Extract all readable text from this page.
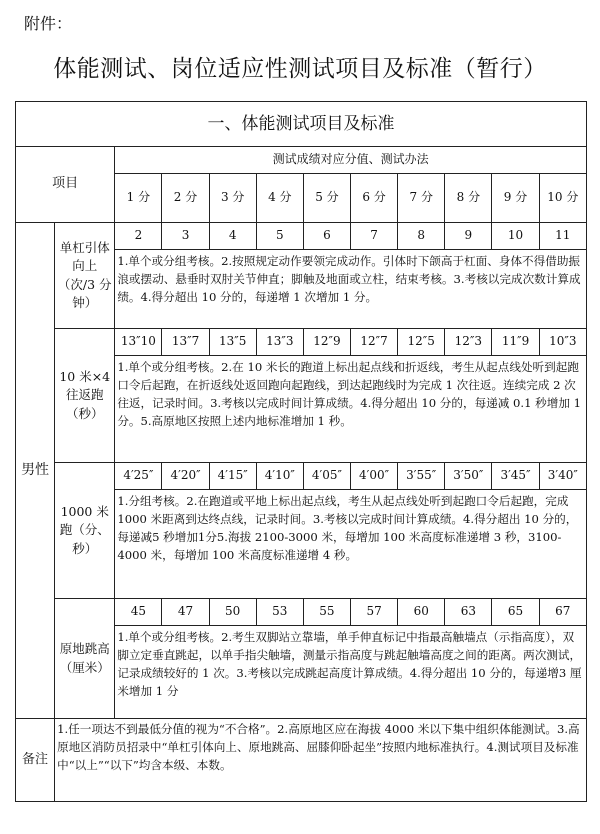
附件：
体能测试、岗位适应性测试项目及标准（暂行）
一、体能测试项目及标准											
项目		测试成绩对应分值、测试办法									
		1 分	2 分	3 分	4 分	5 分	6 分	7 分	8 分	9 分	10 分
男性	单杠引体向上（次/3 分钟）	2	3	4	5	6	7	8	9	10	11
		1.单个或分组考核。2.按照规定动作要领完成动作。引体时下颌高于杠面、身体不得借助振浪或摆动、悬垂时双肘关节伸直；脚触及地面或立柱，结束考核。3.考核以完成次数计算成绩。4.得分超出 10 分的，每递增 1 次增加 1 分。									
	10 米×4 往返跑（秒）	13″10	13″7	13″5	13″3	12″9	12″7	12″5	12″3	11″9	10″3
		1.单个或分组考核。2.在 10 米长的跑道上标出起点线和折返线，考生从起点线处听到起跑口令后起跑，在折返线处返回跑向起跑线，到达起跑线时为完成 1 次往返。连续完成 2 次往返，记录时间。3.考核以完成时间计算成绩。4.得分超出 10 分的，每递减 0.1 秒增加 1 分。5.高原地区按照上述内地标准增加 1 秒。									
	1000 米跑（分、秒）	4′25″	4′20″	4′15″	4′10″	4′05″	4′00″	3′55″	3′50″	3′45″	3′40″
		1.分组考核。2.在跑道或平地上标出起点线，考生从起点线处听到起跑口令后起跑，完成 1000 米距离到达终点线，记录时间。3.考核以完成时间计算成绩。4.得分超出 10 分的，每递减5 秒增加1分5.海拔 2100-3000 米，每增加 100 米高度标准递增 3 秒，3100-4000 米，每增加 100 米高度标准递增 4 秒。									
	原地跳高（厘米）	45	47	50	53	55	57	60	63	65	67
		1.单个或分组考核。2.考生双脚站立靠墙，单手伸直标记中指最高触墙点（示指高度），双脚立定垂直跳起，以单手指尖触墙，测量示指高度与跳起触墙高度之间的距离。两次测试，记录成绩较好的 1 次。3.考核以完成跳起高度计算成绩。4.得分超出 10 分的，每递增3 厘米增加 1 分									
备注	1.任一项达不到最低分值的视为“不合格”。2.高原地区应在海拔 4000 米以下集中组织体能测试。3.高原地区消防员招录中“单杠引体向上、原地跳高、屈膝仰卧起坐”按照内地标准执行。4.测试项目及标准中“以上”“以下”均含本级、本数。										
